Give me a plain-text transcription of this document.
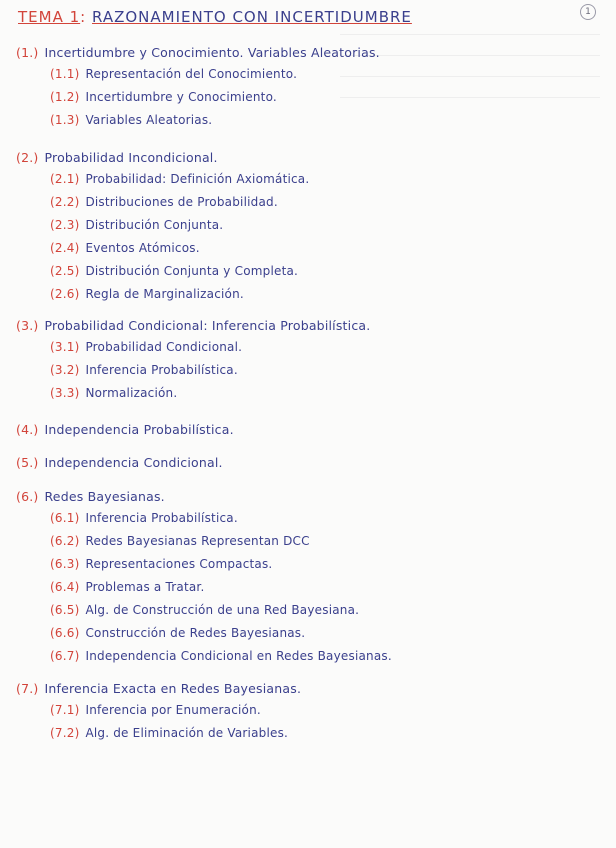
1
TEMA 1: RAZONAMIENTO CON INCERTIDUMBRE
(1.) Incertidumbre y Conocimiento. Variables Aleatorias.
(1.1) Representación del Conocimiento.
(1.2) Incertidumbre y Conocimiento.
(1.3) Variables Aleatorias.
(2.) Probabilidad Incondicional.
(2.1) Probabilidad: Definición Axiomática.
(2.2) Distribuciones de Probabilidad.
(2.3) Distribución Conjunta.
(2.4) Eventos Atómicos.
(2.5) Distribución Conjunta y Completa.
(2.6) Regla de Marginalización.
(3.) Probabilidad Condicional: Inferencia Probabilística.
(3.1) Probabilidad Condicional.
(3.2) Inferencia Probabilística.
(3.3) Normalización.
(4.) Independencia Probabilística.
(5.) Independencia Condicional.
(6.) Redes Bayesianas.
(6.1) Inferencia Probabilística.
(6.2) Redes Bayesianas Representan DCC
(6.3) Representaciones Compactas.
(6.4) Problemas a Tratar.
(6.5) Alg. de Construcción de una Red Bayesiana.
(6.6) Construcción de Redes Bayesianas.
(6.7) Independencia Condicional en Redes Bayesianas.
(7.) Inferencia Exacta en Redes Bayesianas.
(7.1) Inferencia por Enumeración.
(7.2) Alg. de Eliminación de Variables.
